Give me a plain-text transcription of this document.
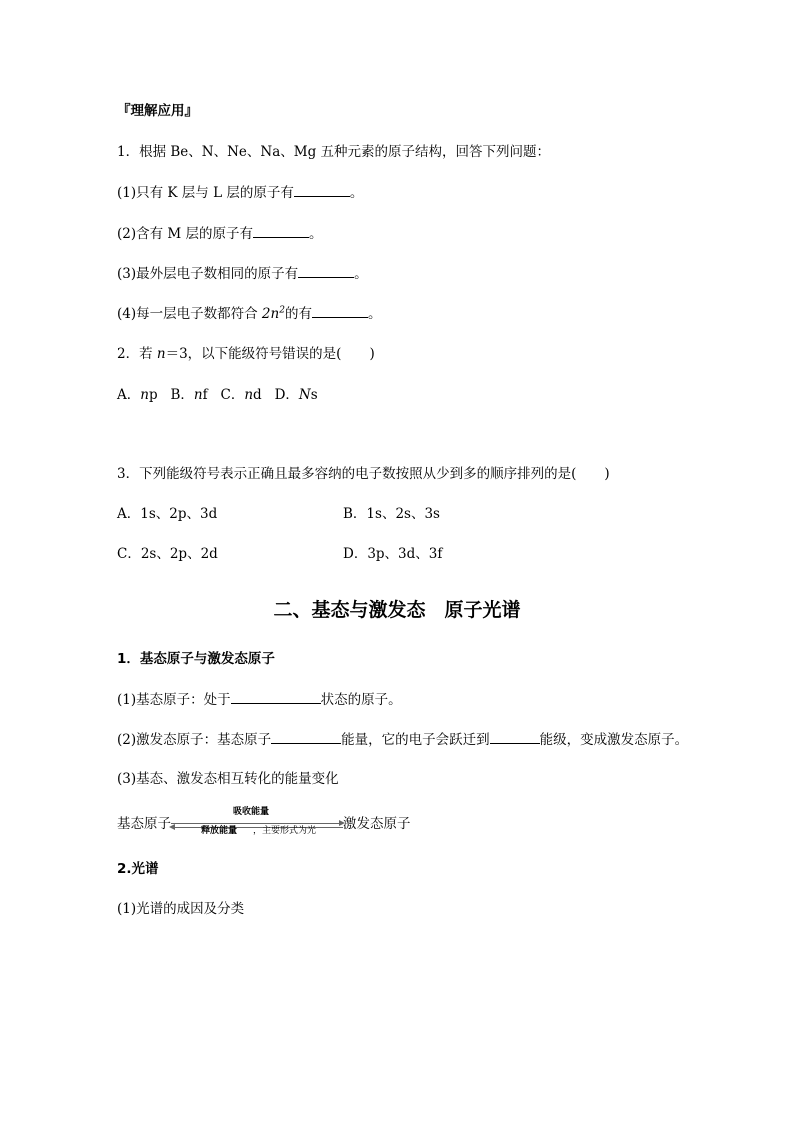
『理解应用』
1．根据 Be、N、Ne、Na、Mg 五种元素的原子结构，回答下列问题：
(1)只有 K 层与 L 层的原子有	。
(2)含有 M 层的原子有	。
(3)最外层电子数相同的原子有	。
(4)每一层电子数都符合 $2n^2$的有	。
2．若 n＝3，以下能级符号错误的是( )
A．np B．nf C．nd D．Ns
3．下列能级符号表示正确且最多容纳的电子数按照从少到多的顺序排列的是( )
A．1s、2p、3d	B．1s、2s、3s
C．2s、2p、2d	D．3p、3d、3f
二、基态与激发态　原子光谱
1．基态原子与激发态原子
(1)基态原子：处于	状态的原子。
(2)激发态原子：基态原子	能量，它的电子会跃迁到	能级，变成激发态原子。
(3)基态、激发态相互转化的能量变化
基态原子
吸收能量
释放能量 ，主要形式为光 激发态原子
2.光谱
(1)光谱的成因及分类
